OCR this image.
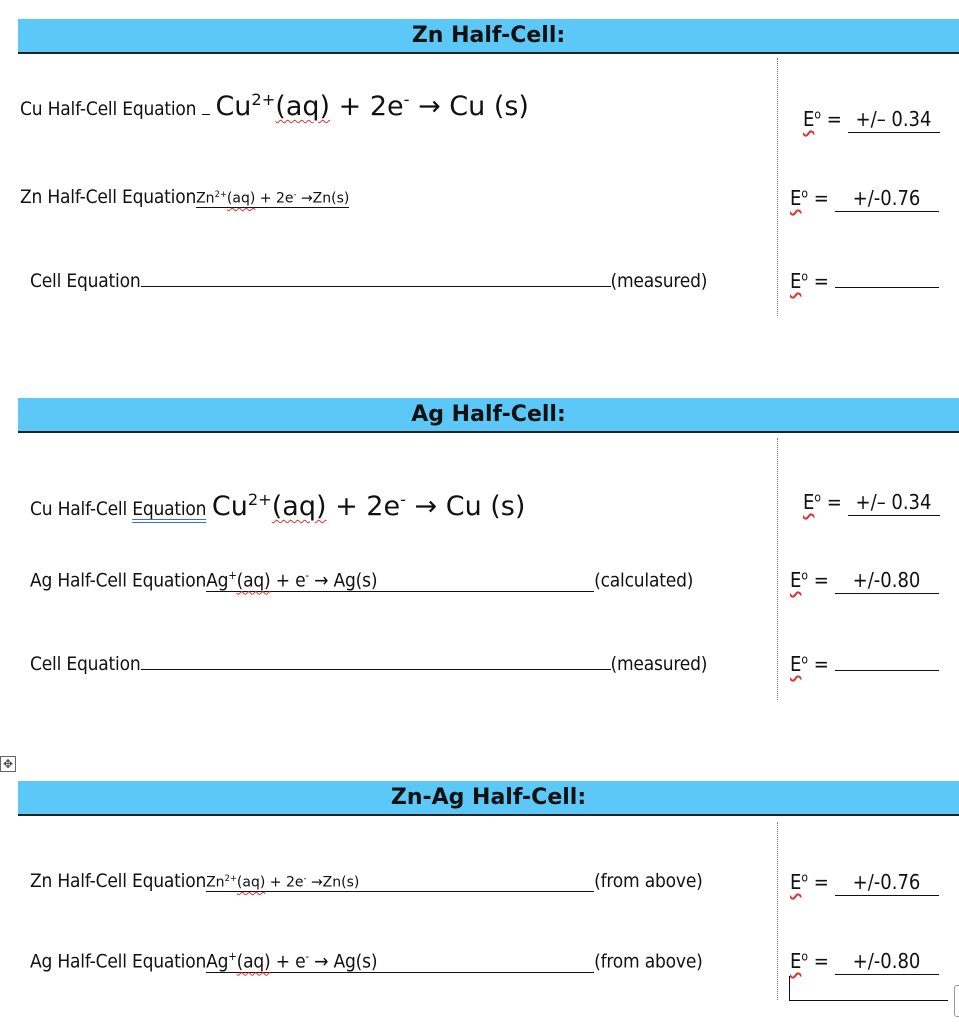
Zn Half-Cell:
Cu Half-Cell Equation $Cu^{2+}(aq) + 2e^- \to Cu$ (s)	$E^o$ = +/– 0.34
Zn Half-Cell EquationZn$^{2+}$(aq) + 2e- →Zn(s)	$E^o = +/-0.76$
Cell Equation	(measured)	$E^o$ =
Ag Half-Cell:
Cu Half-Cell Equation $Cu^{2+}(aq) + 2e^- \to Cu$ (s)	$E^o$ = +/– 0.34
Ag Half-Cell EquationAg+(aq) + e- → Ag(s)	(calculated)	$E^o = +/-0.80$
Cell Equation	(measured)	$E^o$ =
✥
Zn-Ag Half-Cell:
Zn Half-Cell EquationZn$^{2+}$(aq) + 2e- →Zn(s)	(from above)	$E^o = +/-0.76$
Ag Half-Cell EquationAg+(aq) + e- → Ag(s)	(from above)	$E^o = +/-0.80$
